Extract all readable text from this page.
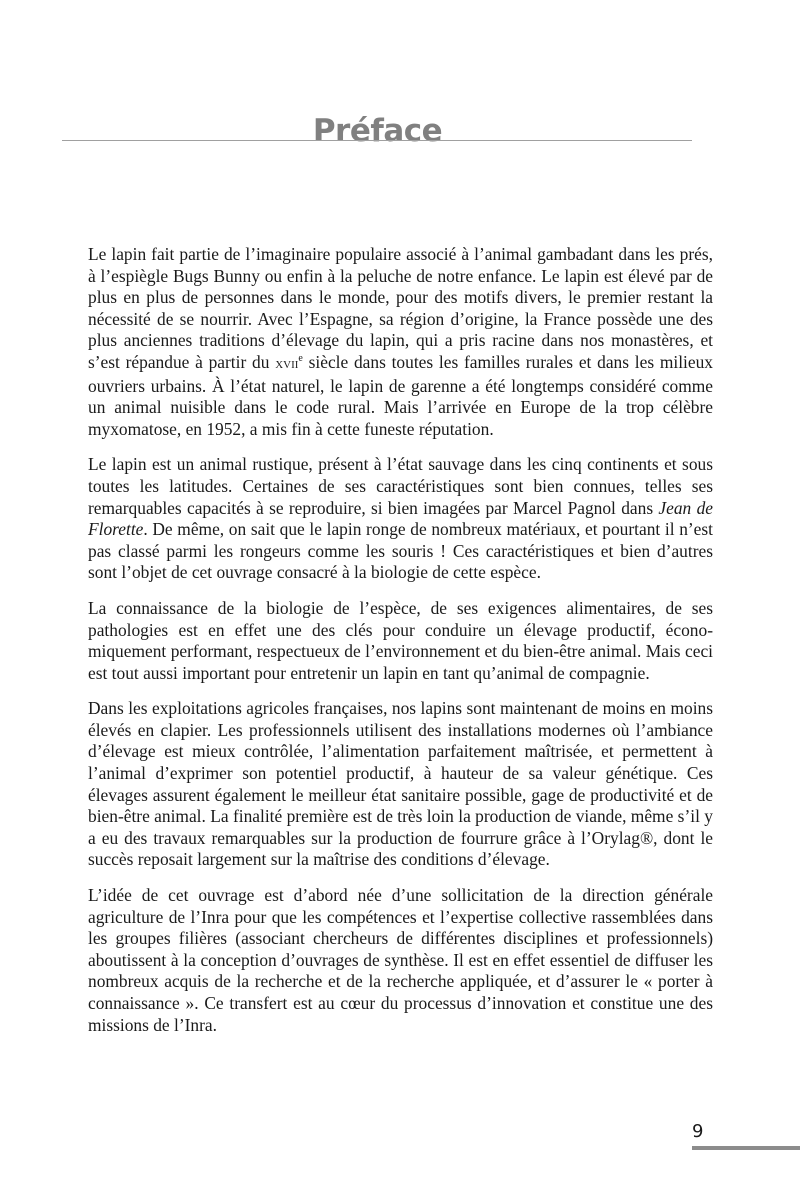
Préface

Le lapin fait partie de l’imaginaire populaire associé à l’animal gambadant dans les prés, à l’espiègle Bugs Bunny ou enfin à la peluche de notre enfance. Le lapin est élevé par de plus en plus de personnes dans le monde, pour des motifs divers, le premier restant la nécessité de se nourrir. Avec l’Espagne, sa région d’origine, la France possède une des plus anciennes traditions d’élevage du lapin, qui a pris racine dans nos monastères, et s’est répandue à partir du xvii$^e$ siècle dans toutes les familles rurales et dans les milieux ouvriers urbains. À l’état naturel, le lapin de garenne a été longtemps considéré comme un animal nuisible dans le code rural. Mais l’arrivée en Europe de la trop célèbre myxomatose, en 1952, a mis fin à cette funeste réputation.

Le lapin est un animal rustique, présent à l’état sauvage dans les cinq continents et sous toutes les latitudes. Certaines de ses caractéristiques sont bien connues, telles ses remarquables capacités à se reproduire, si bien imagées par Marcel Pagnol dans Jean de Florette. De même, on sait que le lapin ronge de nombreux matériaux, et pourtant il n’est pas classé parmi les rongeurs comme les souris ! Ces caractéristiques et bien d’autres sont l’objet de cet ouvrage consacré à la biologie de cette espèce.

La connaissance de la biologie de l’espèce, de ses exigences alimentaires, de ses pathologies est en effet une des clés pour conduire un élevage productif, économiquement performant, respectueux de l’environnement et du bien-être animal. Mais ceci est tout aussi important pour entretenir un lapin en tant qu’animal de compagnie.

Dans les exploitations agricoles françaises, nos lapins sont maintenant de moins en moins élevés en clapier. Les professionnels utilisent des installations modernes où l’ambiance d’élevage est mieux contrôlée, l’alimentation parfaitement maîtrisée, et permettent à l’animal d’exprimer son potentiel productif, à hauteur de sa valeur génétique. Ces élevages assurent également le meilleur état sanitaire possible, gage de productivité et de bien-être animal. La finalité première est de très loin la production de viande, même s’il y a eu des travaux remarquables sur la production de fourrure grâce à l’Orylag®, dont le succès reposait largement sur la maîtrise des conditions d’élevage.

L’idée de cet ouvrage est d’abord née d’une sollicitation de la direction générale agriculture de l’Inra pour que les compétences et l’expertise collective rassemblées dans les groupes filières (associant chercheurs de différentes disciplines et professionnels) aboutissent à la conception d’ouvrages de synthèse. Il est en effet essentiel de diffuser les nombreux acquis de la recherche et de la recherche appliquée, et d’assurer le « porter à connaissance ». Ce transfert est au cœur du processus d’innovation et constitue une des missions de l’Inra.

9
